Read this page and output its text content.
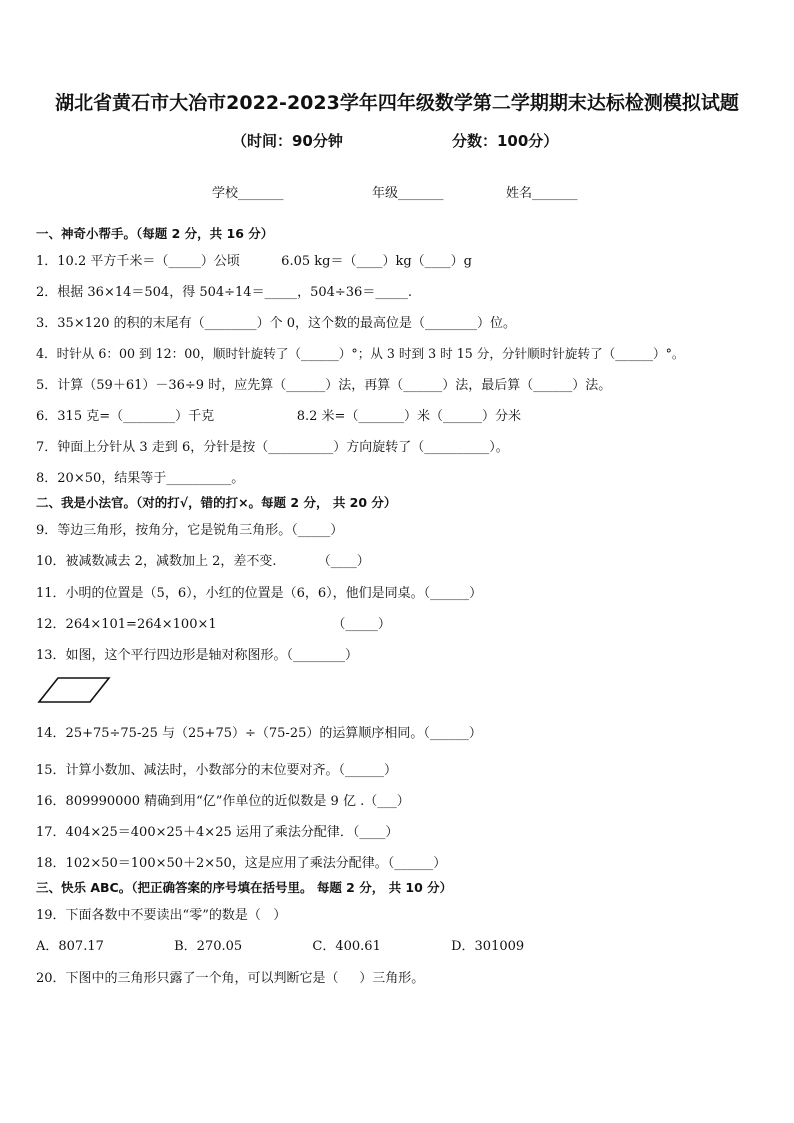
湖北省黄石市大冶市2022-2023学年四年级数学第二学期期末达标检测模拟试题
（时间：90分钟	分数：100分）
学校_______	年级_______	姓名_______
一、神奇小帮手。（每题 2 分，共 16 分）
1．10.2 平方千米＝（_____）公顷          6.05 kg＝（____）kg（____）g
2．根据 36×14＝504，得 504÷14＝_____，504÷36＝_____.
3．35×120 的积的末尾有（________）个 0，这个数的最高位是（________）位。
4．时针从 6：00 到 12：00，顺时针旋转了（______）°；从 3 时到 3 时 15 分，分针顺时针旋转了（______）°。
5．计算（59＋61）－36÷9 时，应先算（______）法，再算（______）法，最后算（______）法。
6．315 克=（________）千克                    8.2 米=（_______）米（______）分米
7．钟面上分针从 3 走到 6，分针是按（__________）方向旋转了（__________）。
8．20×50，结果等于__________。
二、我是小法官。（对的打√，错的打×。每题 2 分， 共 20 分）
9．等边三角形，按角分，它是锐角三角形。（_____）
10．被减数减去 2，减数加上 2，差不变.          （____）
11．小明的位置是（5，6），小红的位置是（6，6），他们是同桌。（______）
12．264×101=264×100×1                            （_____）
13．如图，这个平行四边形是轴对称图形。（________）
14．25+75÷75-25 与（25+75）÷（75-25）的运算顺序相同。（______）
15．计算小数加、减法时，小数部分的末位要对齐。（______）
16．809990000 精确到用“亿”作单位的近似数是 9 亿 .（___）
17．404×25＝400×25＋4×25 运用了乘法分配律．（____）
18．102×50＝100×50＋2×50，这是应用了乘法分配律。（______）
三、快乐 ABC。（把正确答案的序号填在括号里。 每题 2 分， 共 10 分）
19．下面各数中不要读出“零”的数是（   ）
A．807.17                 B．270.05                 C．400.61                 D．301009
20．下图中的三角形只露了一个角，可以判断它是（     ）三角形。
